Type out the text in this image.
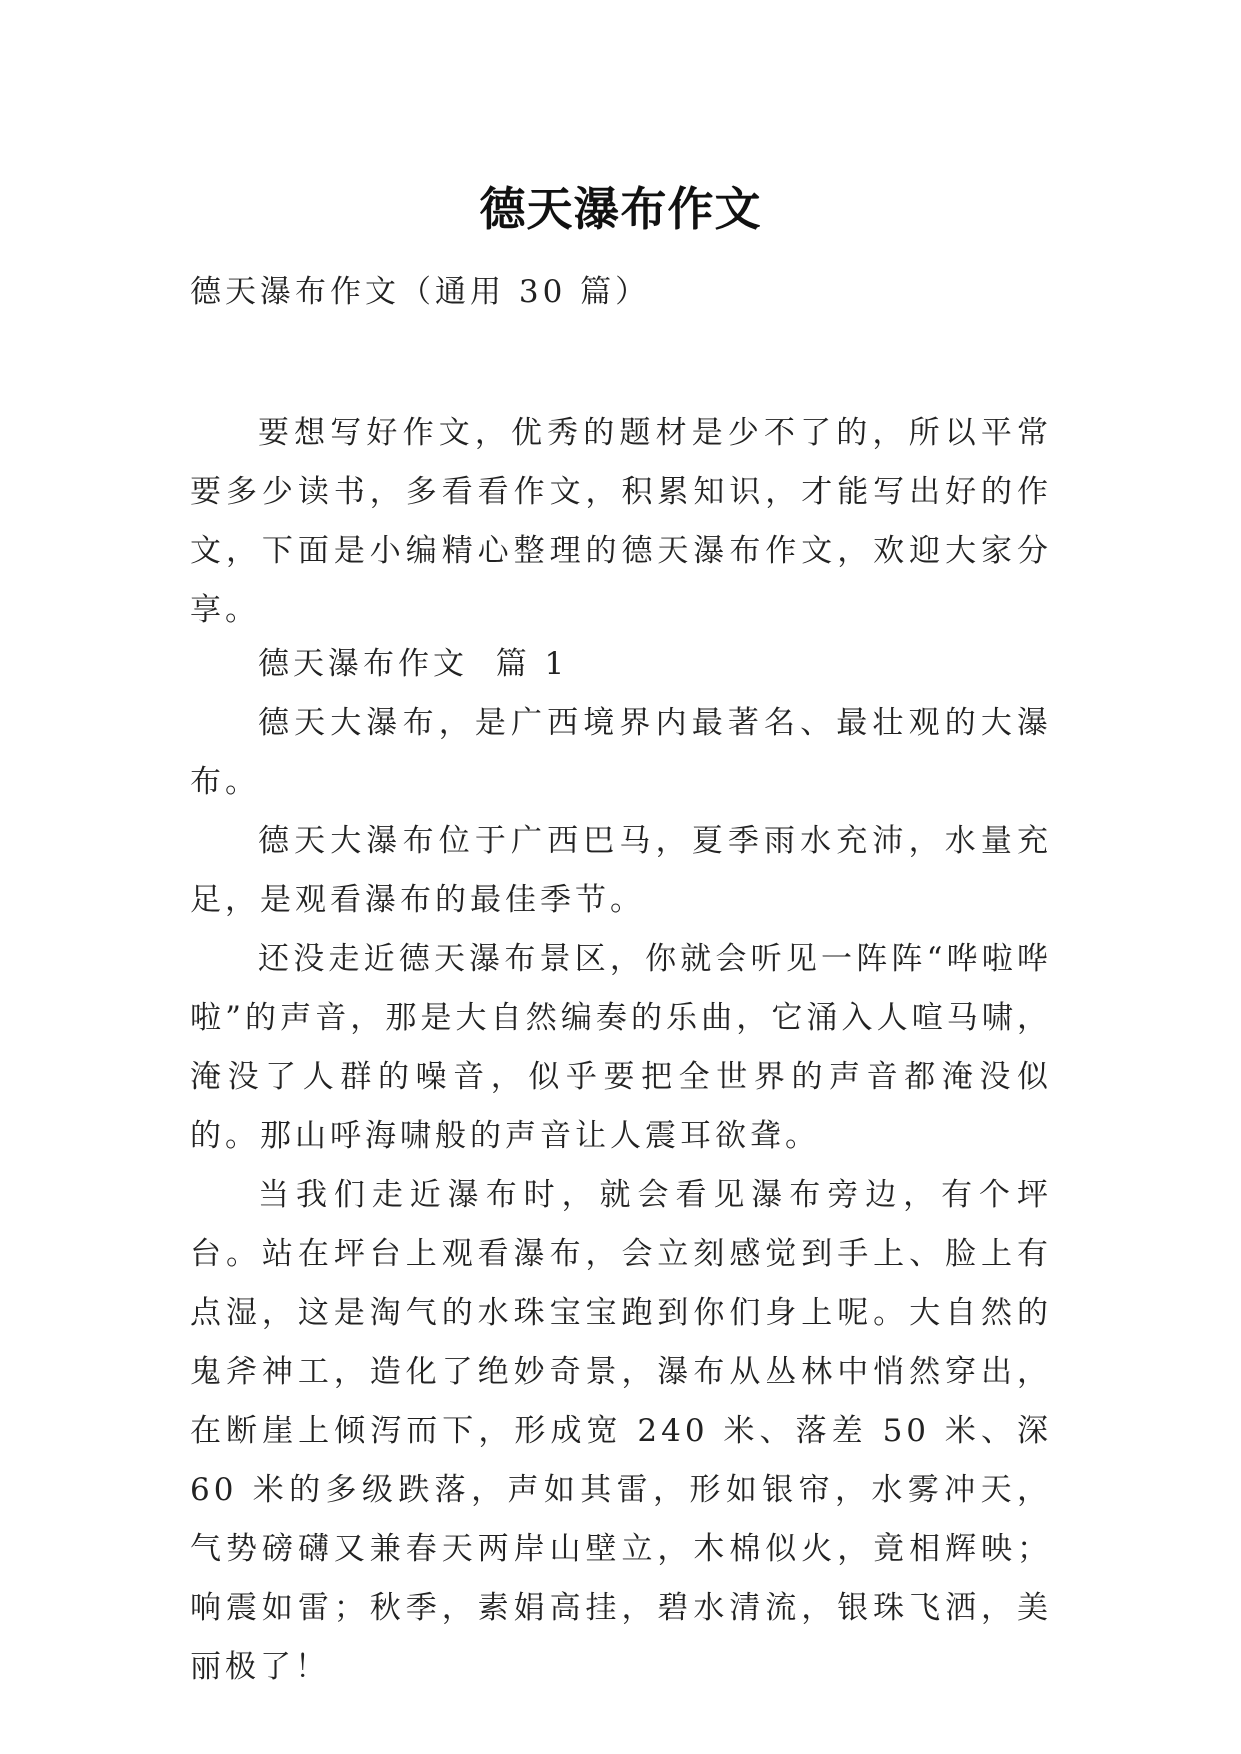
德天瀑布作文

德天瀑布作文（通用 30 篇）

要想写好作文，优秀的题材是少不了的，所以平常要多少读书，多看看作文，积累知识，才能写出好的作文，下面是小编精心整理的德天瀑布作文，欢迎大家分享。

德天瀑布作文  篇 1

德天大瀑布，是广西境界内最著名、最壮观的大瀑布。

德天大瀑布位于广西巴马，夏季雨水充沛，水量充足，是观看瀑布的最佳季节。

还没走近德天瀑布景区，你就会听见一阵阵“哗啦哗啦”的声音，那是大自然编奏的乐曲，它涌入人喧马啸，淹没了人群的噪音，似乎要把全世界的声音都淹没似的。那山呼海啸般的声音让人震耳欲聋。

当我们走近瀑布时，就会看见瀑布旁边，有个坪台。站在坪台上观看瀑布，会立刻感觉到手上、脸上有点湿，这是淘气的水珠宝宝跑到你们身上呢。大自然的鬼斧神工，造化了绝妙奇景，瀑布从丛林中悄然穿出，在断崖上倾泻而下，形成宽 240 米、落差 50 米、深 60 米的多级跌落，声如其雷，形如银帘，水雾冲天，气势磅礴又兼春天两岸山壁立，木棉似火，竟相辉映；响震如雷；秋季，素娟高挂，碧水清流，银珠飞洒，美丽极了！
